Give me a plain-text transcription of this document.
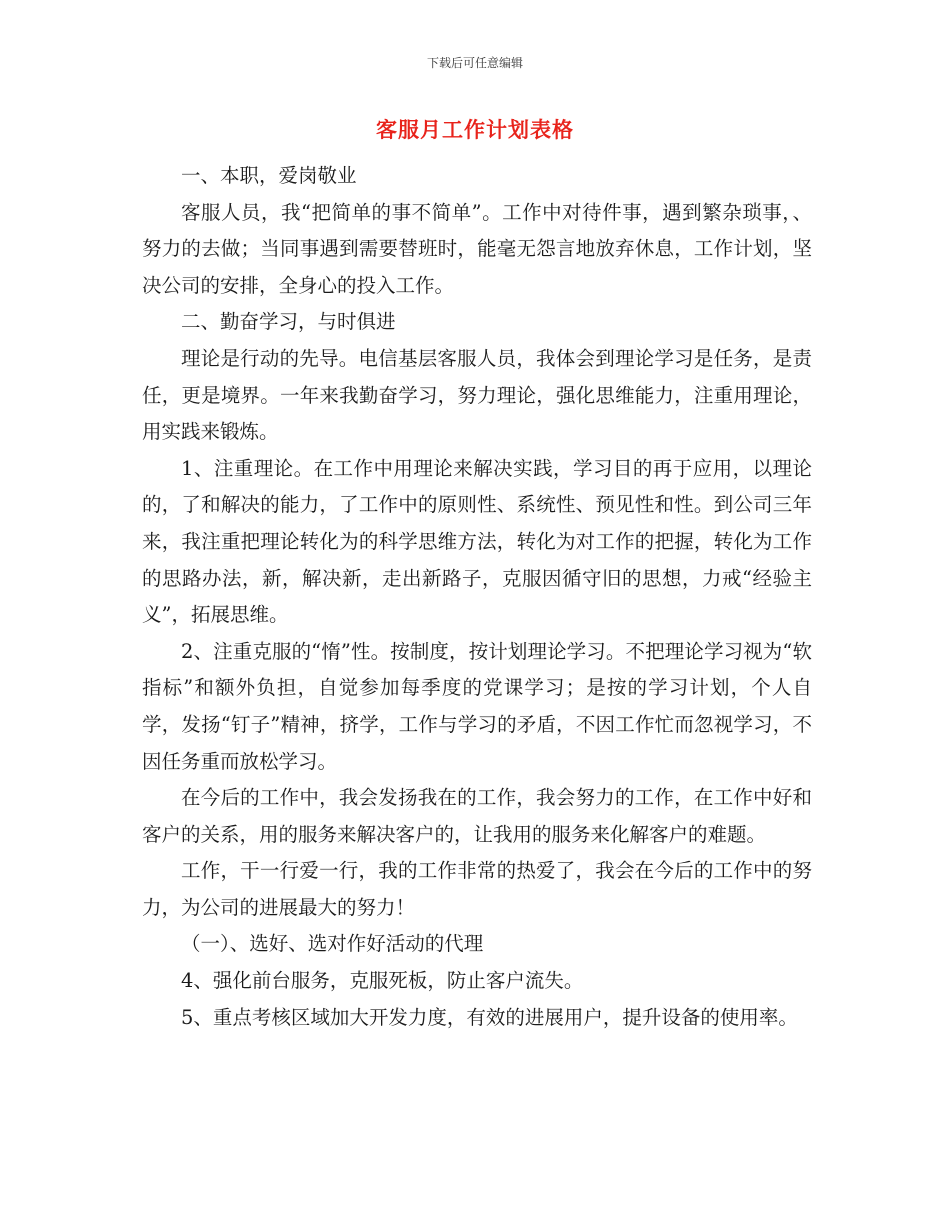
下载后可任意编辑
客服月工作计划表格

一、本职，爱岗敬业

客服人员，我“把简单的事不简单”。工作中对待件事，遇到繁杂琐事，、努力的去做；当同事遇到需要替班时，能毫无怨言地放弃休息，工作计划，坚决公司的安排，全身心的投入工作。

二、勤奋学习，与时俱进

理论是行动的先导。电信基层客服人员，我体会到理论学习是任务，是责任，更是境界。一年来我勤奋学习，努力理论，强化思维能力，注重用理论，用实践来锻炼。

1、注重理论。在工作中用理论来解决实践，学习目的再于应用，以理论的，了和解决的能力，了工作中的原则性、系统性、预见性和性。到公司三年来，我注重把理论转化为的科学思维方法，转化为对工作的把握，转化为工作的思路办法，新，解决新，走出新路子，克服因循守旧的思想，力戒“经验主义”，拓展思维。

2、注重克服的“惰”性。按制度，按计划理论学习。不把理论学习视为“软指标”和额外负担，自觉参加每季度的党课学习；是按的学习计划，个人自学，发扬“钉子”精神，挤学，工作与学习的矛盾，不因工作忙而忽视学习，不因任务重而放松学习。

在今后的工作中，我会发扬我在的工作，我会努力的工作，在工作中好和客户的关系，用的服务来解决客户的，让我用的服务来化解客户的难题。

工作，干一行爱一行，我的工作非常的热爱了，我会在今后的工作中的努力，为公司的进展最大的努力！

（一）、选好、选对作好活动的代理

4、强化前台服务，克服死板，防止客户流失。

5、重点考核区域加大开发力度，有效的进展用户，提升设备的使用率。
